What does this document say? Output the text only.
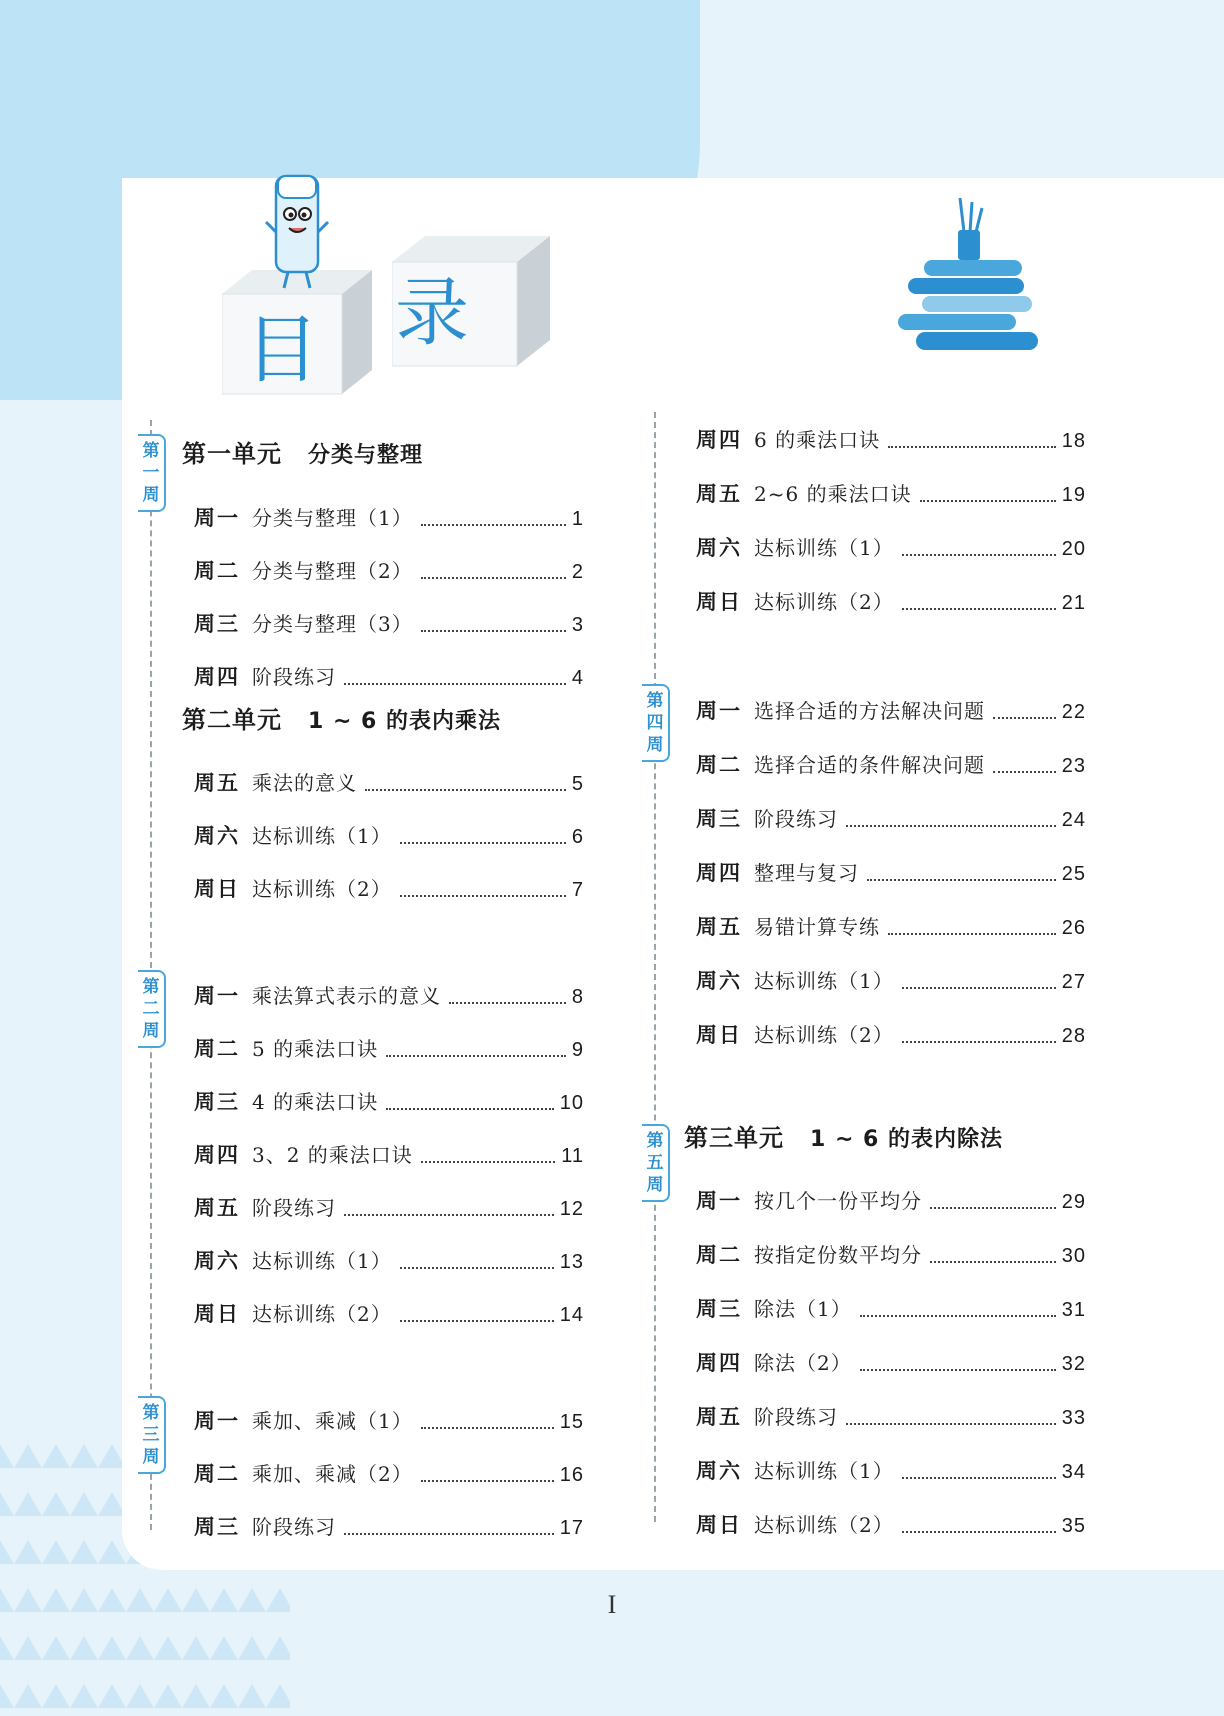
目 录
第一单元 分类与整理
第二单元 1 ~ 6 的表内乘法
第三单元 1 ~ 6 的表内除法
第
一
周
第
二
周
第
三
周
第
四
周
第
五
周
周一 分类与整理（1）	1
周二 分类与整理（2）	2
周三 分类与整理（3）	3
周四 阶段练习	4
周五 乘法的意义	5
周六 达标训练（1）	6
周日 达标训练（2）	7
周一 乘法算式表示的意义	8
周二 5 的乘法口诀	9
周三 4 的乘法口诀	10
周四 3、2 的乘法口诀	11
周五 阶段练习	12
周六 达标训练（1）	13
周日 达标训练（2）	14
周一 乘加、乘减（1）	15
周二 乘加、乘减（2）	16
周三 阶段练习	17
周四 6 的乘法口诀	18
周五 2~6 的乘法口诀	19
周六 达标训练（1）	20
周日 达标训练（2）	21
周一 选择合适的方法解决问题	22
周二 选择合适的条件解决问题	23
周三 阶段练习	24
周四 整理与复习	25
周五 易错计算专练	26
周六 达标训练（1）	27
周日 达标训练（2）	28
周一 按几个一份平均分	29
周二 按指定份数平均分	30
周三 除法（1）	31
周四 除法（2）	32
周五 阶段练习	33
周六 达标训练（1）	34
周日 达标训练（2）	35
I
